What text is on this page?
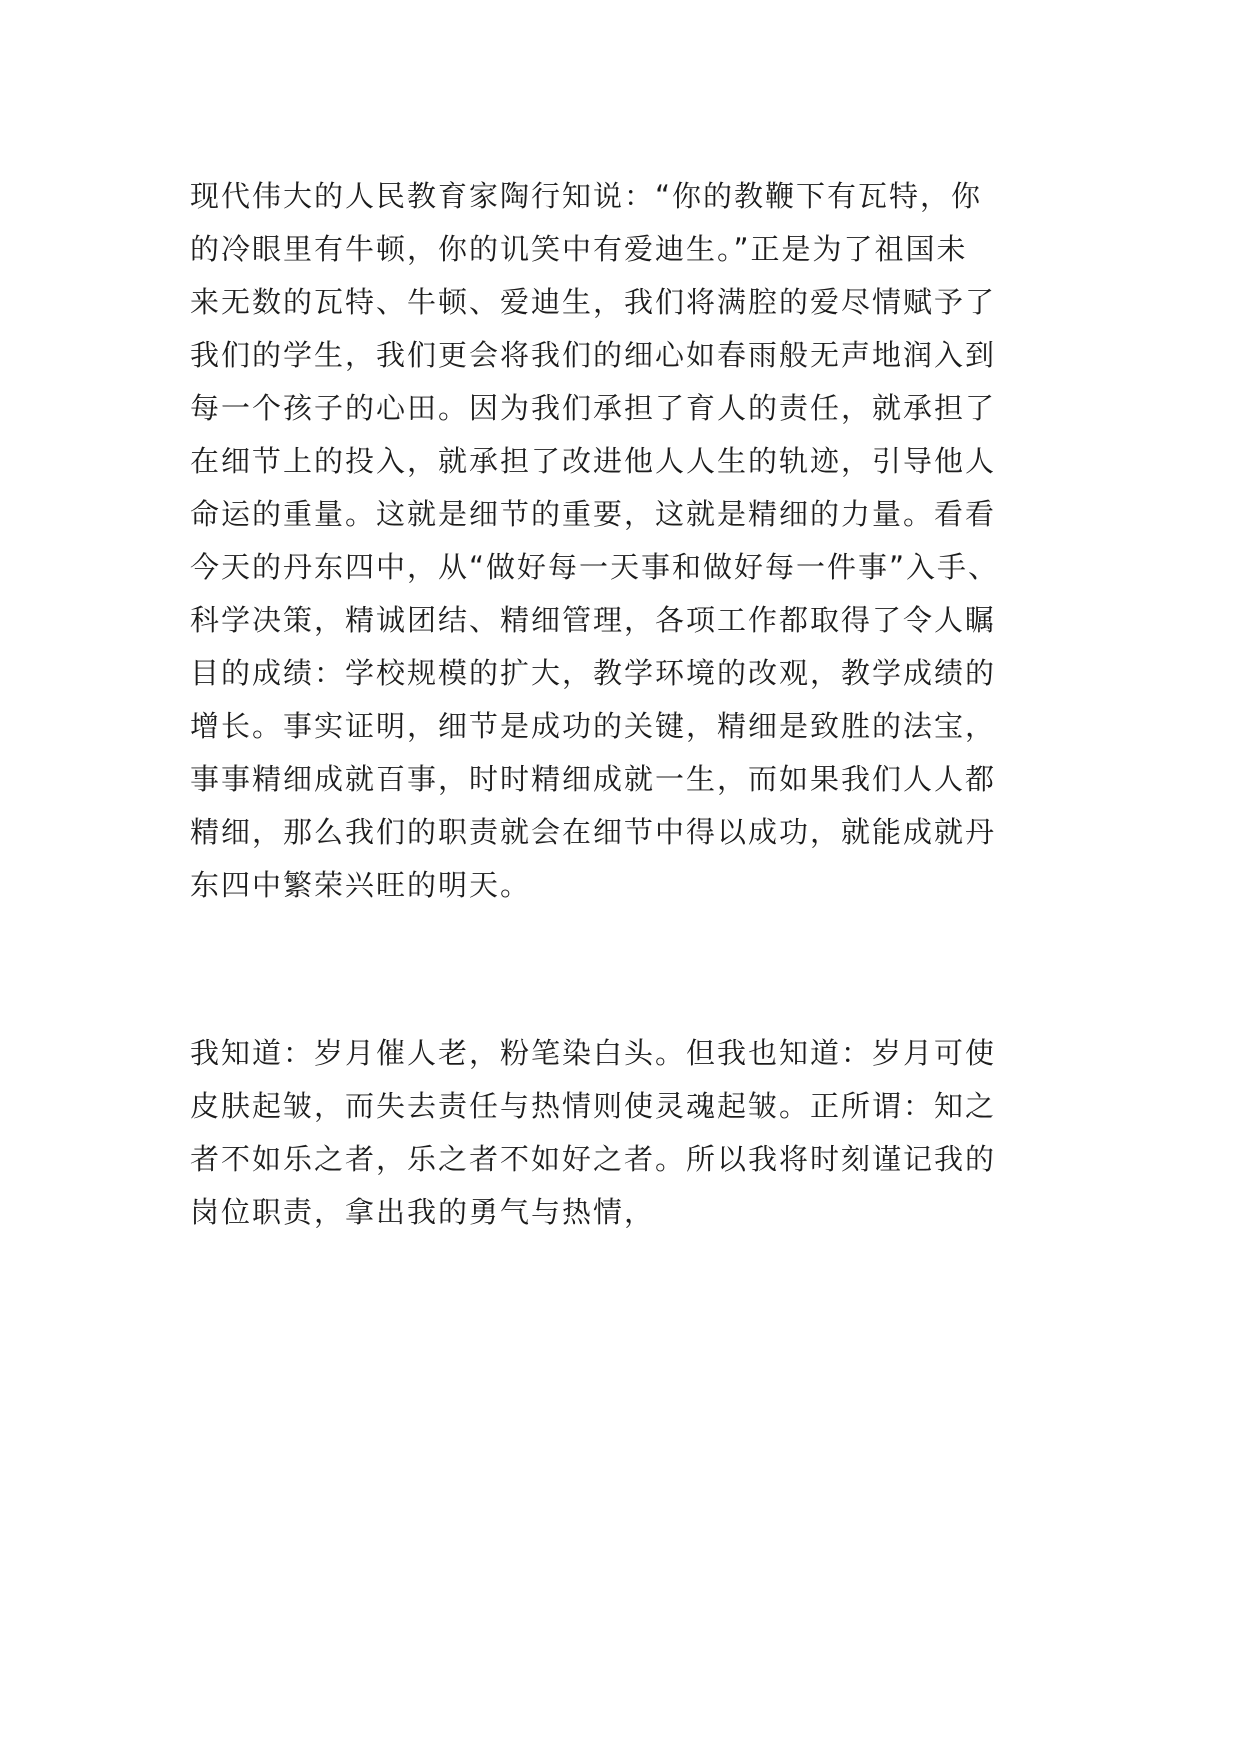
现代伟大的人民教育家陶行知说：“你的教鞭下有瓦特，你
的冷眼里有牛顿，你的讥笑中有爱迪生。”正是为了祖国未
来无数的瓦特、牛顿、爱迪生，我们将满腔的爱尽情赋予了
我们的学生，我们更会将我们的细心如春雨般无声地润入到
每一个孩子的心田。因为我们承担了育人的责任，就承担了
在细节上的投入，就承担了改进他人人生的轨迹，引导他人
命运的重量。这就是细节的重要，这就是精细的力量。看看
今天的丹东四中，从“做好每一天事和做好每一件事”入手、
科学决策，精诚团结、精细管理，各项工作都取得了令人瞩
目的成绩：学校规模的扩大，教学环境的改观，教学成绩的
增长。事实证明，细节是成功的关键，精细是致胜的法宝，
事事精细成就百事，时时精细成就一生，而如果我们人人都
精细，那么我们的职责就会在细节中得以成功，就能成就丹
东四中繁荣兴旺的明天。
我知道：岁月催人老，粉笔染白头。但我也知道：岁月可使
皮肤起皱，而失去责任与热情则使灵魂起皱。正所谓：知之
者不如乐之者，乐之者不如好之者。所以我将时刻谨记我的
岗位职责，拿出我的勇气与热情，
